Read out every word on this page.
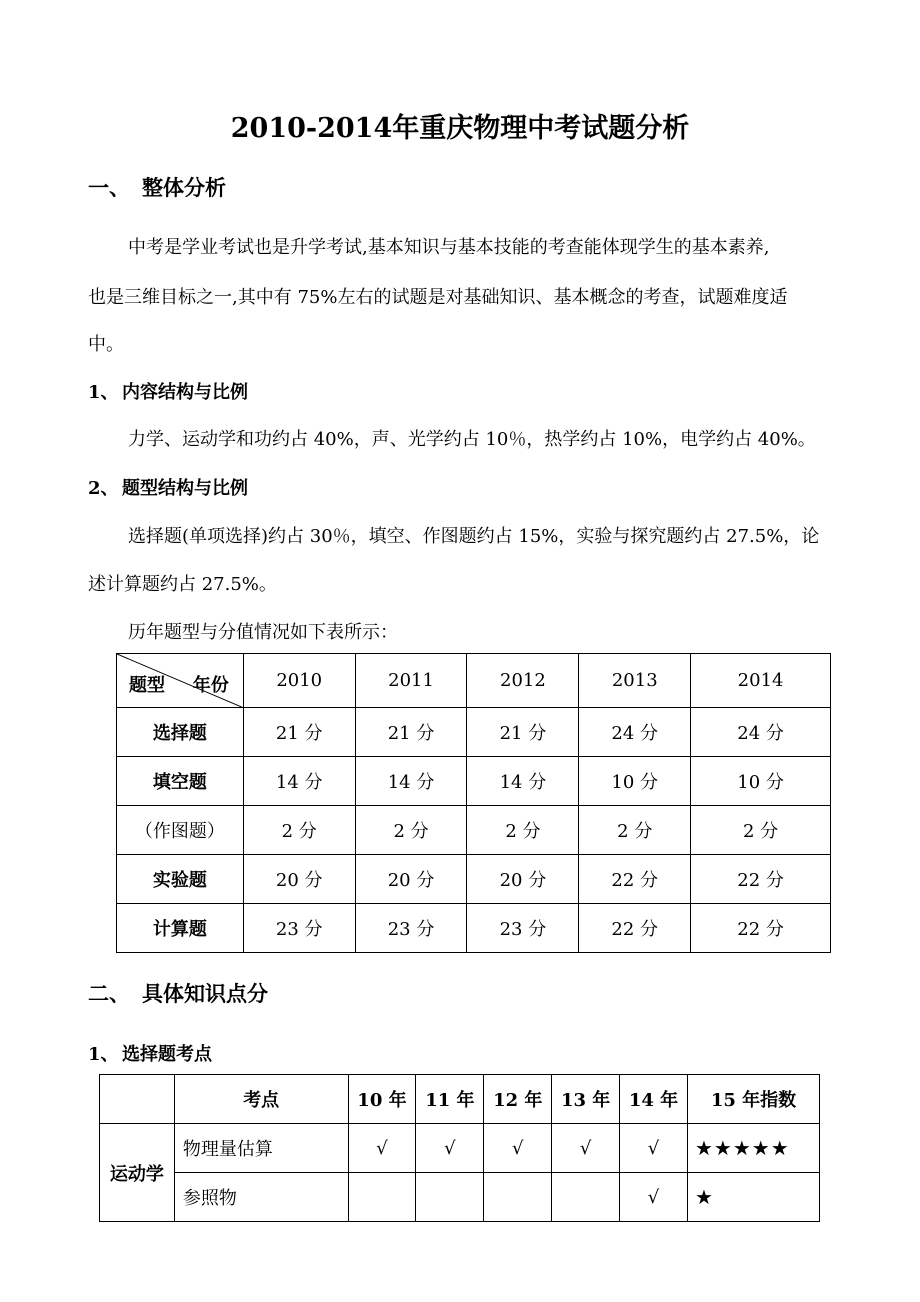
2010-2014年重庆物理中考试题分析
一、 整体分析
中考是学业考试也是升学考试,基本知识与基本技能的考查能体现学生的基本素养,
也是三维目标之一,其中有 75%左右的试题是对基础知识、基本概念的考查，试题难度适
中。
1、 内容结构与比例
力学、运动学和功约占 40%，声、光学约占 10％，热学约占 10%，电学约占 40%。
2、 题型结构与比例
选择题(单项选择)约占 30％，填空、作图题约占 15%，实验与探究题约占 27.5%，论
述计算题约占 27.5%。
历年题型与分值情况如下表所示：
题型 年份	2010	2011	2012	2013	2014
选择题	21 分	21 分	21 分	24 分	24 分
填空题	14 分	14 分	14 分	10 分	10 分
（作图题）	2 分	2 分	2 分	2 分	2 分
实验题	20 分	20 分	20 分	22 分	22 分
计算题	23 分	23 分	23 分	22 分	22 分
二、 具体知识点分
1、 选择题考点
	考点	10 年	11 年	12 年	13 年	14 年	15 年指数
运动学	物理量估算	√	√	√	√	√	★★★★★
	参照物					√	★
